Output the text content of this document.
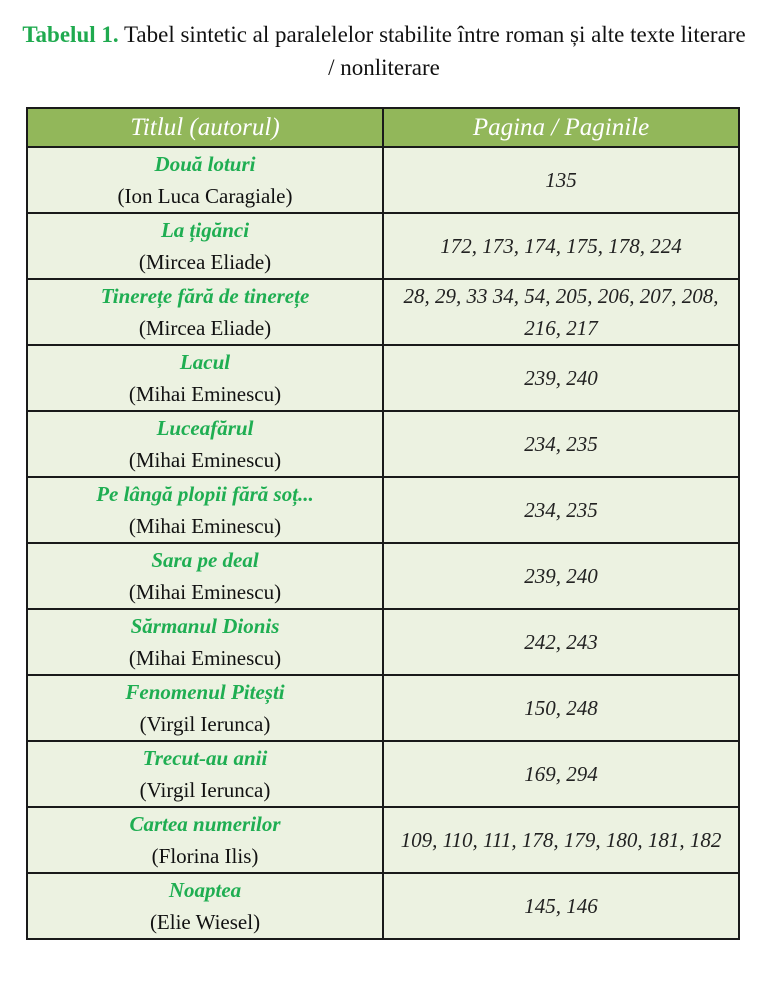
Tabelul 1. Tabel sintetic al paralelelor stabilite între roman și alte texte literare / nonliterare
Titlul (autorul)	Pagina / Paginile

Două loturi
(Ion Luca Caragiale)	135

La țigănci
(Mircea Eliade)	172, 173, 174, 175, 178, 224

Tinerețe fără de tinerețe
(Mircea Eliade)	28, 29, 33 34, 54, 205, 206, 207, 208, 216, 217

Lacul
(Mihai Eminescu)	239, 240

Luceafărul
(Mihai Eminescu)	234, 235

Pe lângă plopii fără soț...
(Mihai Eminescu)	234, 235

Sara pe deal
(Mihai Eminescu)	239, 240

Sărmanul Dionis
(Mihai Eminescu)	242, 243

Fenomenul Pitești
(Virgil Ierunca)	150, 248

Trecut-au anii
(Virgil Ierunca)	169, 294

Cartea numerilor
(Florina Ilis)	109, 110, 111, 178, 179, 180, 181, 182

Noaptea
(Elie Wiesel)	145, 146
